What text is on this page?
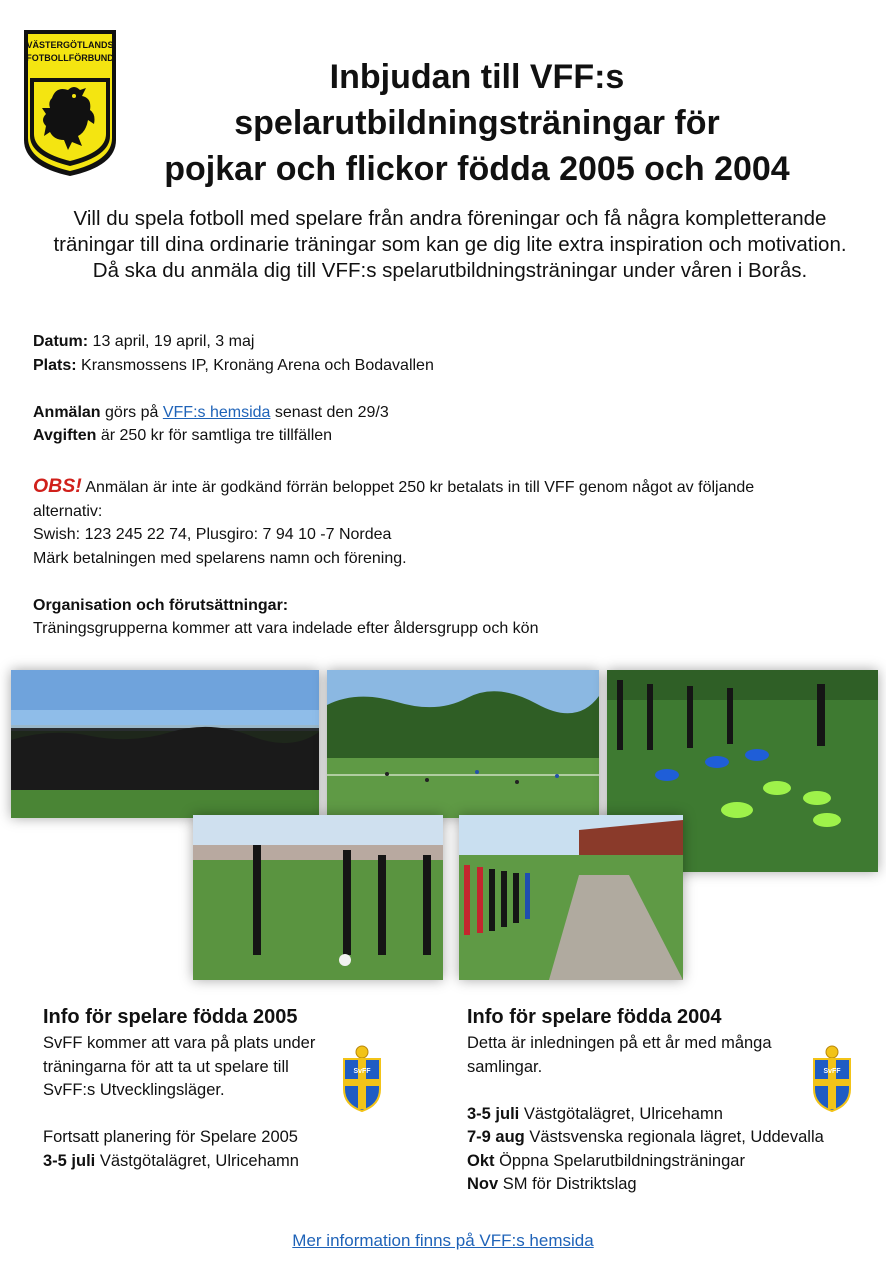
VÄSTERGÖTLANDS
FOTBOLLFÖRBUND	Inbjudan till VFF:s
spelarutbildningsträningar för
pojkar och flickor födda 2005 och 2004
Vill du spela fotboll med spelare från andra föreningar och få några kompletterande träningar till dina ordinarie träningar som kan ge dig lite extra inspiration och motivation. Då ska du anmäla dig till VFF:s spelarutbildningsträningar under våren i Borås.
Datum: 13 april, 19 april, 3 maj
Plats: Kransmossens IP, Kronäng Arena och Bodavallen
Anmälan görs på VFF:s hemsida senast den 29/3
Avgiften är 250 kr för samtliga tre tillfällen
OBS! Anmälan är inte är godkänd förrän beloppet 250 kr betalats in till VFF genom något av följande
alternativ:
Swish: 123 245 22 74, Plusgiro: 7 94 10 -7 Nordea
Märk betalningen med spelarens namn och förening.
Organisation och förutsättningar:
Träningsgrupperna kommer att vara indelade efter åldersgrupp och kön
Info för spelare födda 2005
SvFF kommer att vara på plats under
träningarna för att ta ut spelare till
SvFF:s Utvecklingsläger.
Fortsatt planering för Spelare 2005
3-5 juli Västgötalägret, Ulricehamn
SvFF
Info för spelare födda 2004
Detta är inledningen på ett år med många
samlingar.
3-5 juli Västgötalägret, Ulricehamn
7-9 aug Västsvenska regionala lägret, Uddevalla
Okt Öppna Spelarutbildningsträningar
Nov SM för Distriktslag
SvFF
Mer information finns på VFF:s hemsida
